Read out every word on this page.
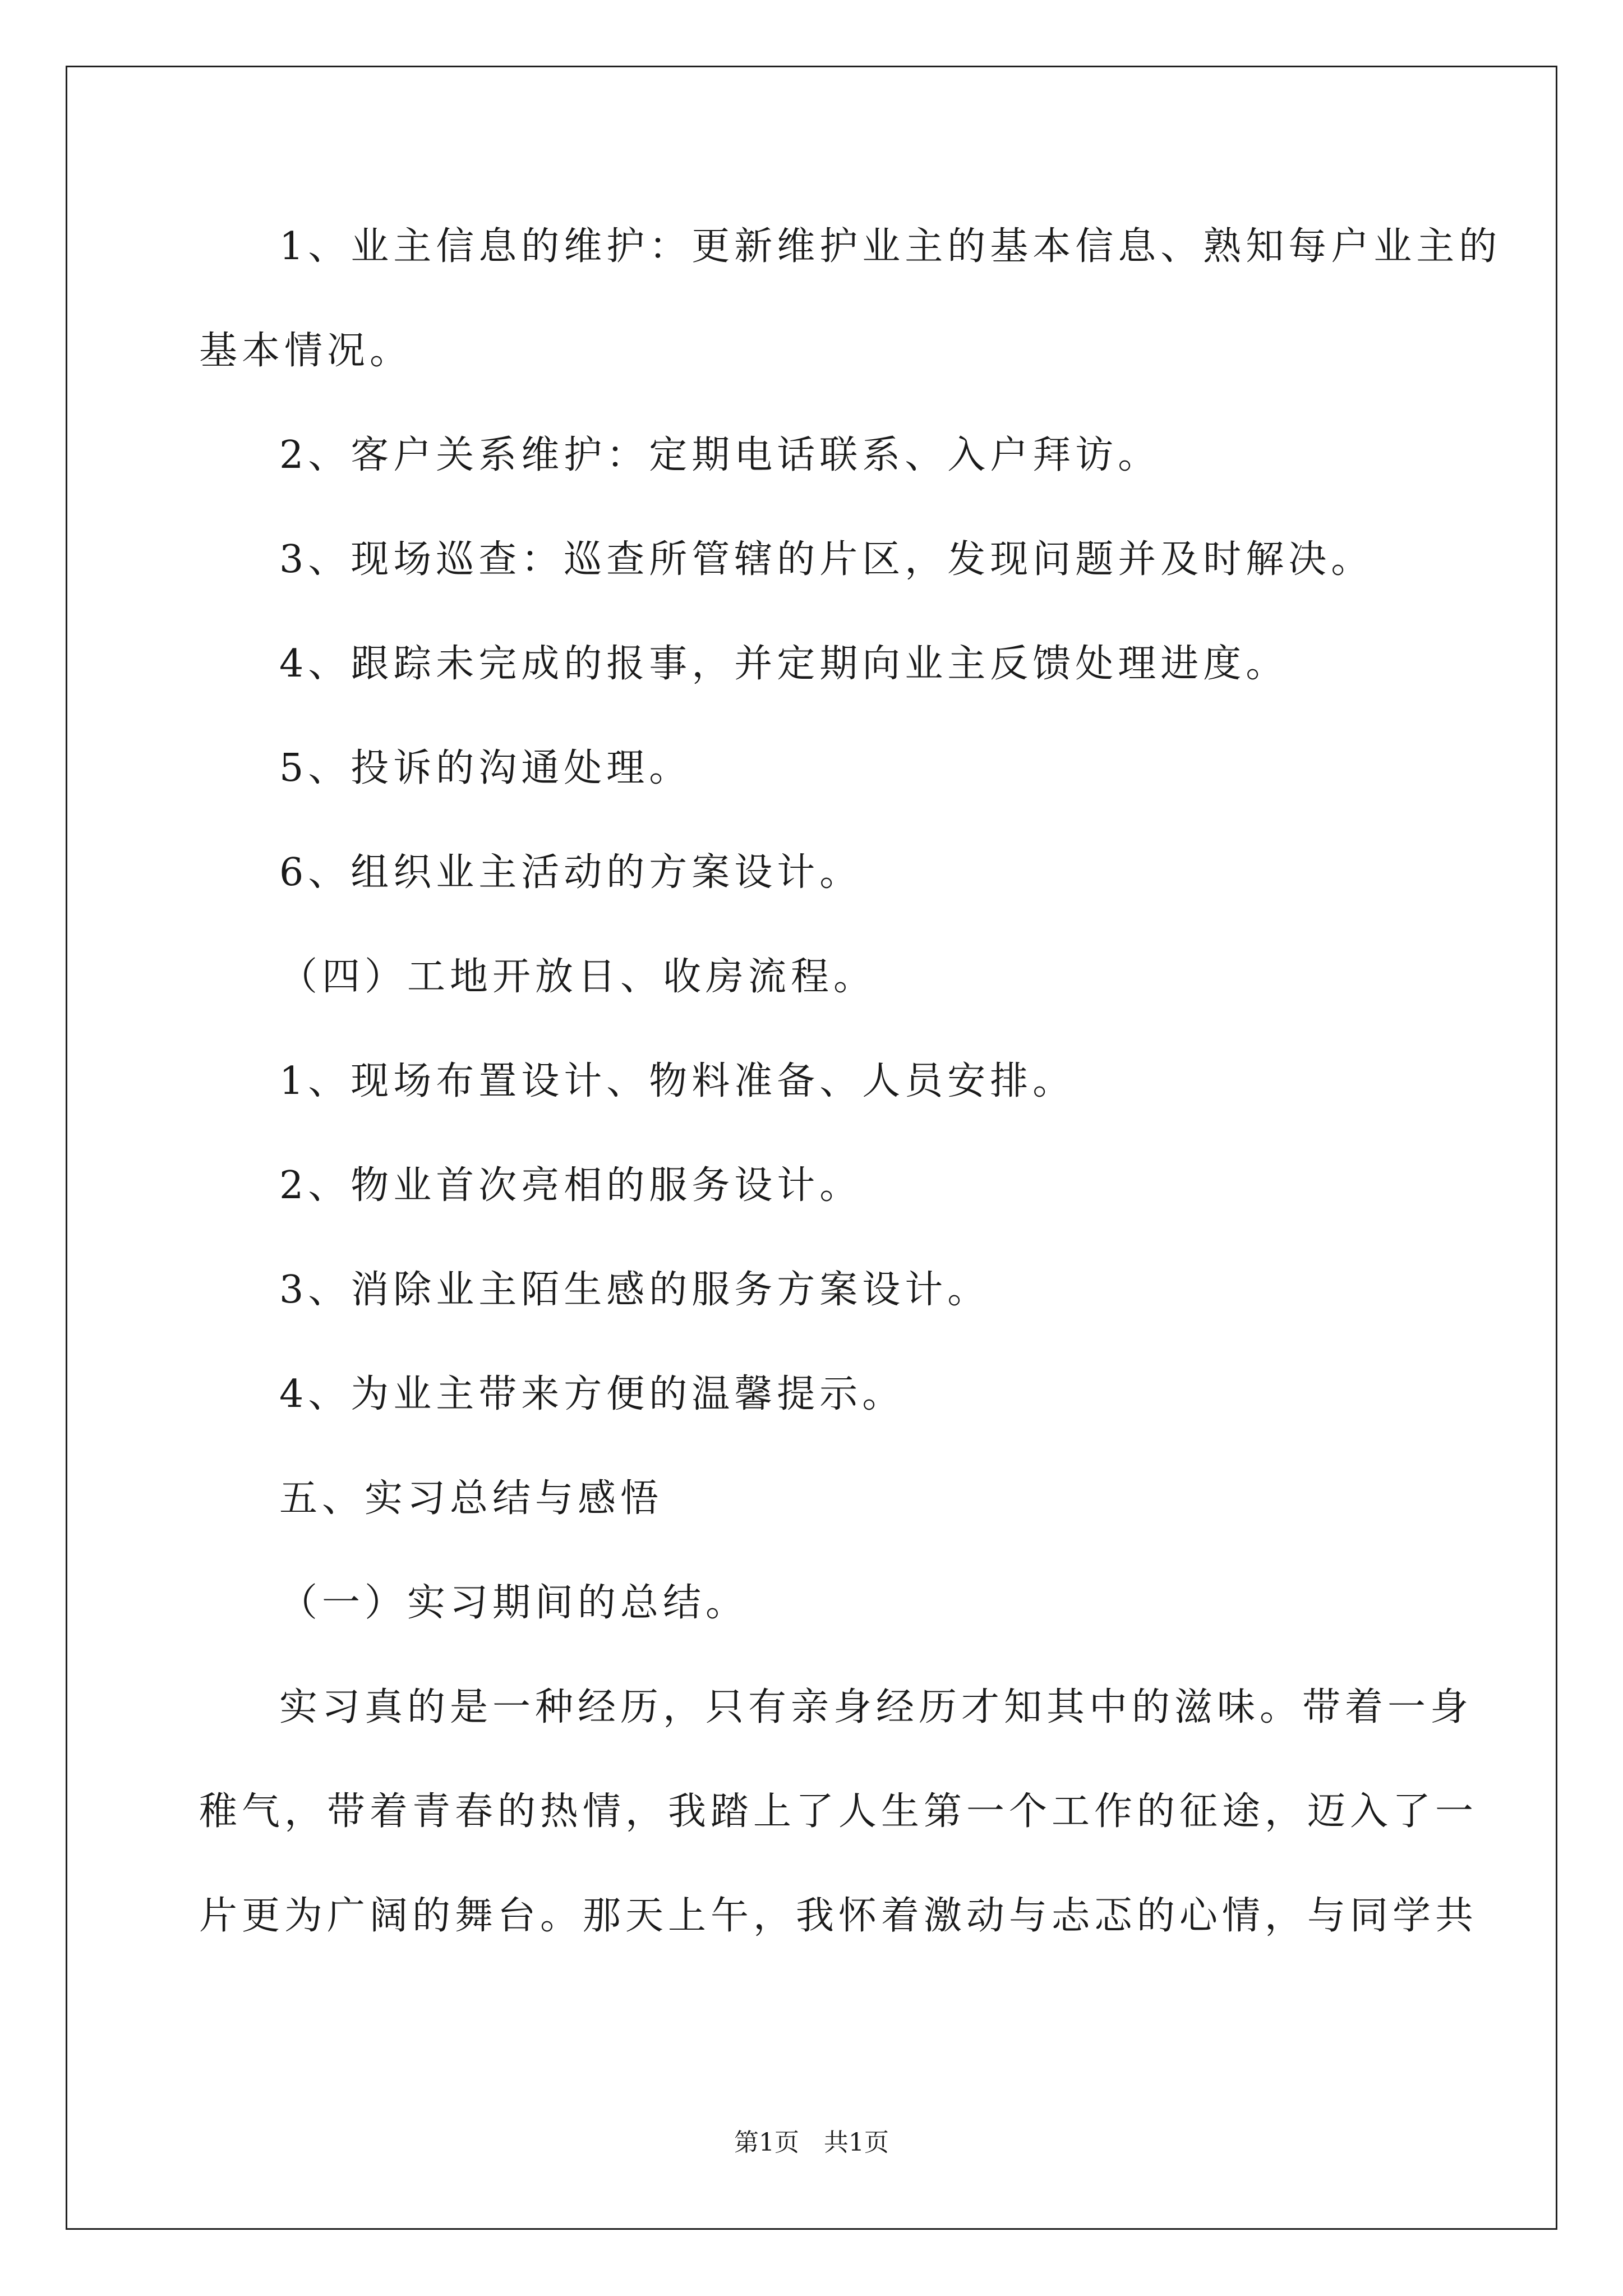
1、业主信息的维护：更新维护业主的基本信息、熟知每户业主的
基本情况。
2、客户关系维护：定期电话联系、入户拜访。
3、现场巡查：巡查所管辖的片区，发现问题并及时解决。
4、跟踪未完成的报事，并定期向业主反馈处理进度。
5、投诉的沟通处理。
6、组织业主活动的方案设计。
（四）工地开放日、收房流程。
1、现场布置设计、物料准备、人员安排。
2、物业首次亮相的服务设计。
3、消除业主陌生感的服务方案设计。
4、为业主带来方便的温馨提示。
五、实习总结与感悟
（一）实习期间的总结。
实习真的是一种经历，只有亲身经历才知其中的滋味。带着一身
稚气，带着青春的热情，我踏上了人生第一个工作的征途，迈入了一
片更为广阔的舞台。那天上午，我怀着激动与忐忑的心情，与同学共
第1页　共1页
